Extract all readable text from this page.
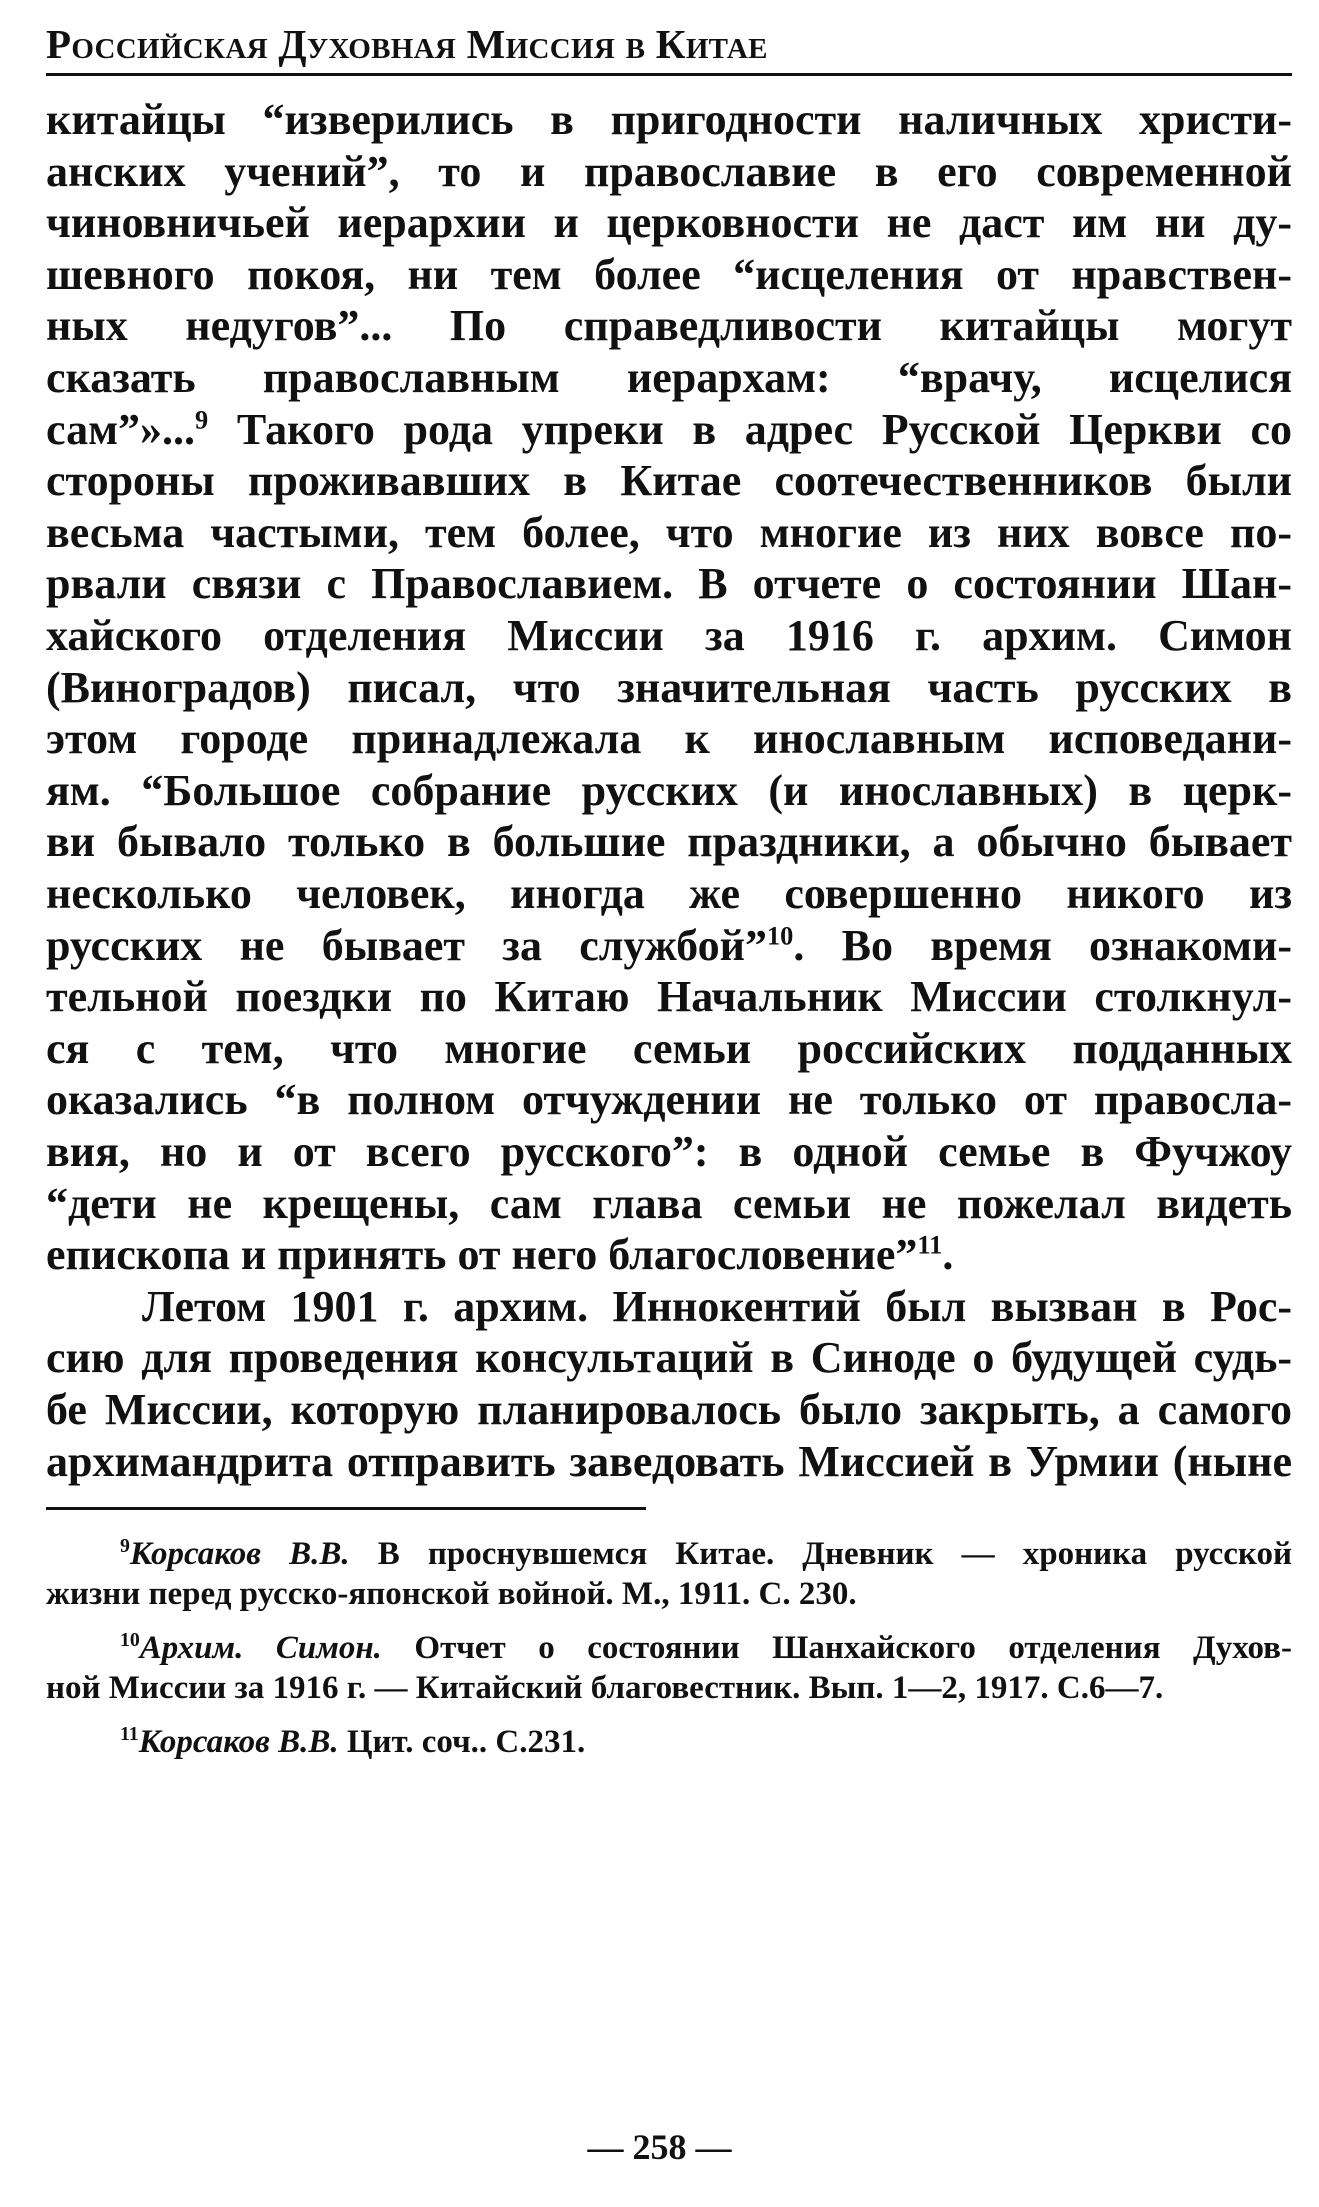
Российская Духовная Миссия в Китае
китайцы “изверились в пригодности наличных христи-
анских учений”, то и православие в его современной
чиновничьей иерархии и церковности не даст им ни ду-
шевного покоя, ни тем более “исцеления от нравствен-
ных недугов”... По справедливости китайцы могут
сказать православным иерархам: “врачу, исцелися
сам”»...$^9$ Такого рода упреки в адрес Русской Церкви со
стороны проживавших в Китае соотечественников были
весьма частыми, тем более, что многие из них вовсе по-
рвали связи с Православием. В отчете о состоянии Шан-
хайского отделения Миссии за 1916 г. архим. Симон
(Виноградов) писал, что значительная часть русских в
этом городе принадлежала к инославным исповедани-
ям. “Большое собрание русских (и инославных) в церк-
ви бывало только в большие праздники, а обычно бывает
несколько человек, иногда же совершенно никого из
русских не бывает за службой”$^{10}$. Во время ознакоми-
тельной поездки по Китаю Начальник Миссии столкнул-
ся с тем, что многие семьи российских подданных
оказались “в полном отчуждении не только от правосла-
вия, но и от всего русского”: в одной семье в Фучжоу
“дети не крещены, сам глава семьи не пожелал видеть
епископа и принять от него благословение”$^{11}$.
Летом 1901 г. архим. Иннокентий был вызван в Рос-
сию для проведения консультаций в Синоде о будущей судь-
бе Миссии, которую планировалось было закрыть, а самого
архимандрита отправить заведовать Миссией в Урмии (ныне
$^9$Корсаков В.В. В проснувшемся Китае. Дневник — хроника русской
жизни перед русско-японской войной. М., 1911. С. 230.
$^{10}$Архим. Симон. Отчет о состоянии Шанхайского отделения Духов-
ной Миссии за 1916 г. — Китайский благовестник. Вып. 1—2, 1917. С.6—7.
$^{11}$Корсаков В.В. Цит. соч.. С.231.
— 258 —
